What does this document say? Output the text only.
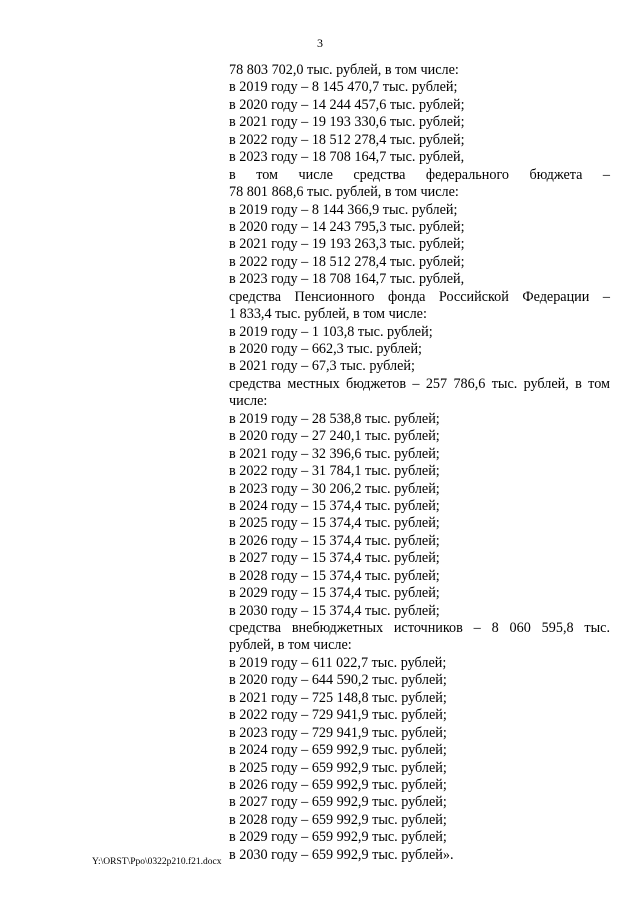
3
78 803 702,0 тыс. рублей, в том числе:
в 2019 году – 8 145 470,7 тыс. рублей;
в 2020 году – 14 244 457,6 тыс. рублей;
в 2021 году – 19 193 330,6 тыс. рублей;
в 2022 году – 18 512 278,4 тыс. рублей;
в 2023 году – 18 708 164,7 тыс. рублей,
в том числе средства федерального бюджета –
78 801 868,6 тыс. рублей, в том числе:
в 2019 году – 8 144 366,9 тыс. рублей;
в 2020 году – 14 243 795,3 тыс. рублей;
в 2021 году – 19 193 263,3 тыс. рублей;
в 2022 году – 18 512 278,4 тыс. рублей;
в 2023 году – 18 708 164,7 тыс. рублей,
средства Пенсионного фонда Российской Федерации –
1 833,4 тыс. рублей, в том числе:
в 2019 году – 1 103,8 тыс. рублей;
в 2020 году – 662,3 тыс. рублей;
в 2021 году – 67,3 тыс. рублей;
средства местных бюджетов – 257 786,6 тыс. рублей, в том
числе:
в 2019 году – 28 538,8 тыс. рублей;
в 2020 году – 27 240,1 тыс. рублей;
в 2021 году – 32 396,6 тыс. рублей;
в 2022 году – 31 784,1 тыс. рублей;
в 2023 году – 30 206,2 тыс. рублей;
в 2024 году – 15 374,4 тыс. рублей;
в 2025 году – 15 374,4 тыс. рублей;
в 2026 году – 15 374,4 тыс. рублей;
в 2027 году – 15 374,4 тыс. рублей;
в 2028 году – 15 374,4 тыс. рублей;
в 2029 году – 15 374,4 тыс. рублей;
в 2030 году – 15 374,4 тыс. рублей;
средства внебюджетных источников – 8 060 595,8 тыс.
рублей, в том числе:
в 2019 году – 611 022,7 тыс. рублей;
в 2020 году – 644 590,2 тыс. рублей;
в 2021 году – 725 148,8 тыс. рублей;
в 2022 году – 729 941,9 тыс. рублей;
в 2023 году – 729 941,9 тыс. рублей;
в 2024 году – 659 992,9 тыс. рублей;
в 2025 году – 659 992,9 тыс. рублей;
в 2026 году – 659 992,9 тыс. рублей;
в 2027 году – 659 992,9 тыс. рублей;
в 2028 году – 659 992,9 тыс. рублей;
в 2029 году – 659 992,9 тыс. рублей;
в 2030 году – 659 992,9 тыс. рублей».
Y:\ORST\Ppo\0322p210.f21.docx
